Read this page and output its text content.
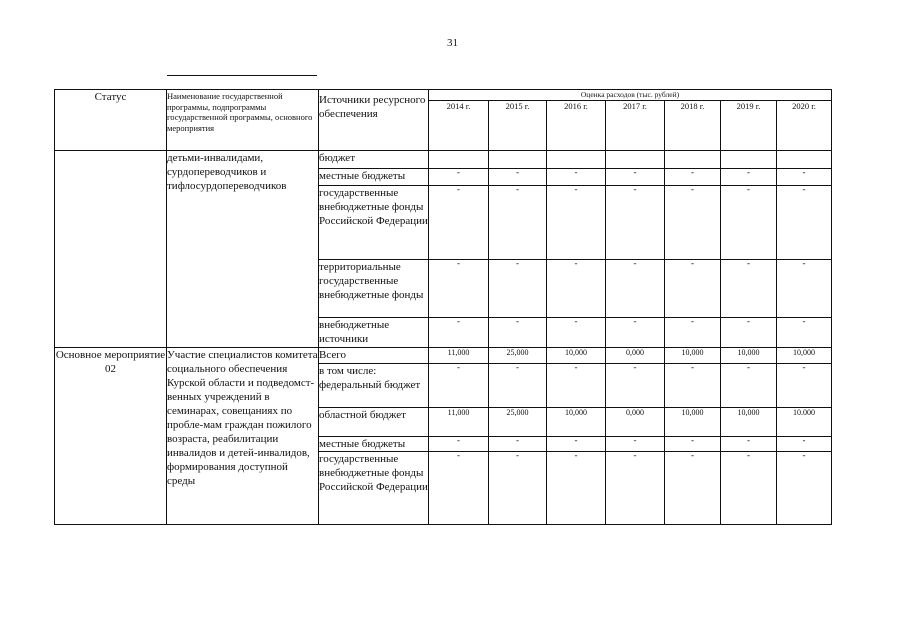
31
Статус	Наименование государственной программы, подпрограммы государственной программы, основного мероприятия	Источники ресурсного обеспечения	Оценка расходов (тыс. рублей)						
			2014 г.	2015 г.	2016 г.	2017 г.	2018 г.	2019 г.	2020 г.
	детьми-инвалидами, сурдопереводчиков и тифлосурдопереводчиков	бюджет							
		местные бюджеты	-	-	-	-	-	-	-
		государственные внебюджетные фонды Российской Федерации	-	-	-	-	-	-	-
		территориальные государственные внебюджетные фонды	-	-	-	-	-	-	-
		внебюджетные источники	-	-	-	-	-	-	-
Основное мероприятие 02	Участие специалистов комитета социального обеспечения Курской области и подведомст-венных учреждений в семинарах, совещаниях по пробле-мам граждан пожилого возраста, реабилитации инвалидов и детей-инвалидов, формирования доступной среды	Всего	11,000	25,000	10,000	0,000	10,000	10,000	10,000
		в том числе: федеральный бюджет	-	-	-	-	-	-	-
		областной бюджет	11,000	25,000	10,000	0,000	10,000	10,000	10.000
		местные бюджеты	-	-	-	-	-	-	-
		государственные внебюджетные фонды Российской Федерации	-	-	-	-	-	-	-
